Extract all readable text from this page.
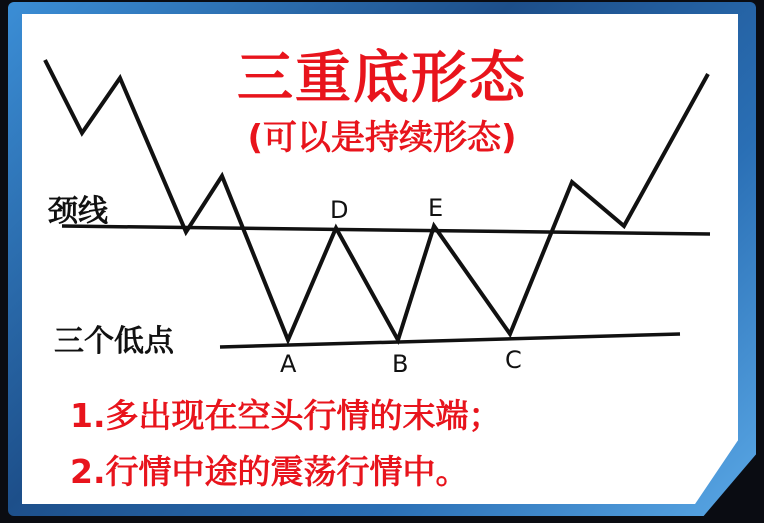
D	E
A	B	C
三重底形态
(可以是持续形态)
颈线
三个低点
1.多出现在空头行情的末端；
2.行情中途的震荡行情中。
